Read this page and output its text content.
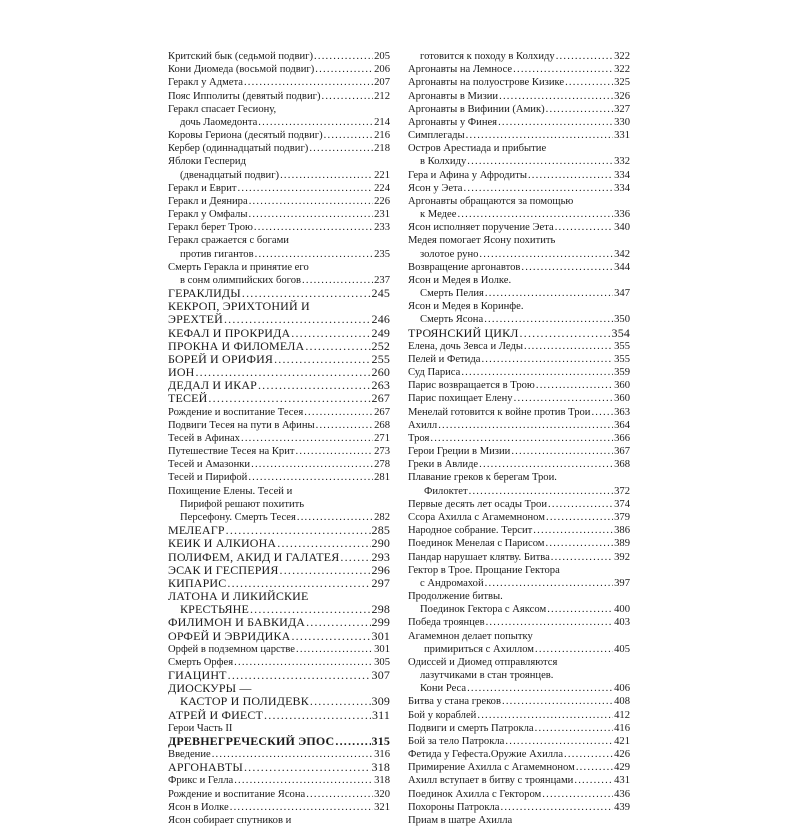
Критский бык (седьмой подвиг) .....	205
Кони Диомеда (восьмой подвиг) .....	206
Геракл у Адмета .....	207
Пояс Ипполиты (девятый подвиг) .....	212
Геракл спасает Гесиону,
дочь Лаомедонта .....	214
Коровы Гериона (десятый подвиг) .....	216
Кербер (одиннадцатый подвиг) .....	218
Яблоки Гесперид
(двенадцатый подвиг) .....	221
Геракл и Еврит .....	224
Геракл и Деянира .....	226
Геракл у Омфалы .....	231
Геракл берет Трою .....	233
Геракл сражается с богами
против гигантов .....	235
Смерть Геракла и принятие его
в сонм олимпийских богов .....	237
ГЕРАКЛИДЫ .....	245
КЕКРОП, ЭРИХТОНИЙ И
ЭРЕХТЕЙ .....	246
КЕФАЛ И ПРОКРИДА .....	249
ПРОКНА И ФИЛОМЕЛА .....	252
БОРЕЙ И ОРИФИЯ .....	255
ИОН .....	260
ДЕДАЛ И ИКАР .....	263
ТЕСЕЙ .....	267
Рождение и воспитание Тесея .....	267
Подвиги Тесея на пути в Афины .....	268
Тесей в Афинах .....	271
Путешествие Тесея на Крит .....	273
Тесей и Амазонки .....	278
Тесей и Пирифой .....	281
Похищение Елены. Тесей и
Пирифой решают похитить
Персефону. Смерть Тесея .....	282
МЕЛЕАГР .....	285
КЕИК И АЛКИОНА .....	290
ПОЛИФЕМ, АКИД И ГАЛАТЕЯ .....	293
ЭСАК И ГЕСПЕРИЯ .....	296
КИПАРИС .....	297
ЛАТОНА И ЛИКИЙСКИЕ
КРЕСТЬЯНЕ .....	298
ФИЛИМОН И БАВКИДА .....	299
ОРФЕЙ И ЭВРИДИКА .....	301
Орфей в подземном царстве .....	301
Смерть Орфея .....	305
ГИАЦИНТ .....	307
ДИОСКУРЫ —
КАСТОР И ПОЛИДЕВК .....	309
АТРЕЙ И ФИЕСТ .....	311
Герои Часть II
ДРЕВНЕГРЕЧЕСКИЙ ЭПОС .....	315
Введение .....	316
АРГОНАВТЫ .....	318
Фрикс и Гелла .....	318
Рождение и воспитание Ясона .....	320
Ясон в Иолке .....	321
Ясон собирает спутников и
готовится к походу в Колхиду .....	322
Аргонавты на Лемносе .....	322
Аргонавты на полуострове Кизике .....	325
Аргонавты в Мизии .....	326
Аргонавты в Вифинии (Амик) .....	327
Аргонавты у Финея .....	330
Симплегады .....	331
Остров Арестиада и прибытие
в Колхиду .....	332
Гера и Афина у Афродиты .....	334
Ясон у Эета .....	334
Аргонавты обращаются за помощью
к Медее .....	336
Ясон исполняет поручение Эета .....	340
Медея помогает Ясону похитить
золотое руно .....	342
Возвращение аргонавтов .....	344
Ясон и Медея в Иолке.
Смерть Пелия .....	347
Ясон и Медея в Коринфе.
Смерть Ясона .....	350
ТРОЯНСКИЙ ЦИКЛ .....	354
Елена, дочь Зевса и Леды .....	355
Пелей и Фетида .....	355
Суд Париса .....	359
Парис возвращается в Трою .....	360
Парис похищает Елену .....	360
Менелай готовится к войне против Трои ..... 363
Ахилл .....	364
Троя .....	366
Герои Греции в Мизии .....	367
Греки в Авлиде .....	368
Плавание греков к берегам Трои.
Филоктет .....	372
Первые десять лет осады Трои .....	374
Ссора Ахилла с Агамемноном .....	379
Народное собрание. Терсит .....	386
Поединок Менелая с Парисом .....	389
Пандар нарушает клятву. Битва .....	392
Гектор в Трое. Прощание Гектора
с Андромахой .....	397
Продолжение битвы.
Поединок Гектора с Аяксом .....	400
Победа троянцев .....	403
Агамемнон делает попытку
примириться с Ахиллом .....	405
Одиссей и Диомед отправляются
лазутчиками в стан троянцев.
Кони Реса .....	406
Битва у стана греков .....	408
Бой у кораблей .....	412
Подвиги и смерть Патрокла .....	416
Бой за тело Патрокла .....	421
Фетида у Гефеста.Оружие Ахилла .....	426
Примирение Ахилла с Агамемноном .....	429
Ахилл вступает в битву с троянцами .....	431
Поединок Ахилла с Гектором .....	436
Похороны Патрокла .....	439
Приам в шатре Ахилла
